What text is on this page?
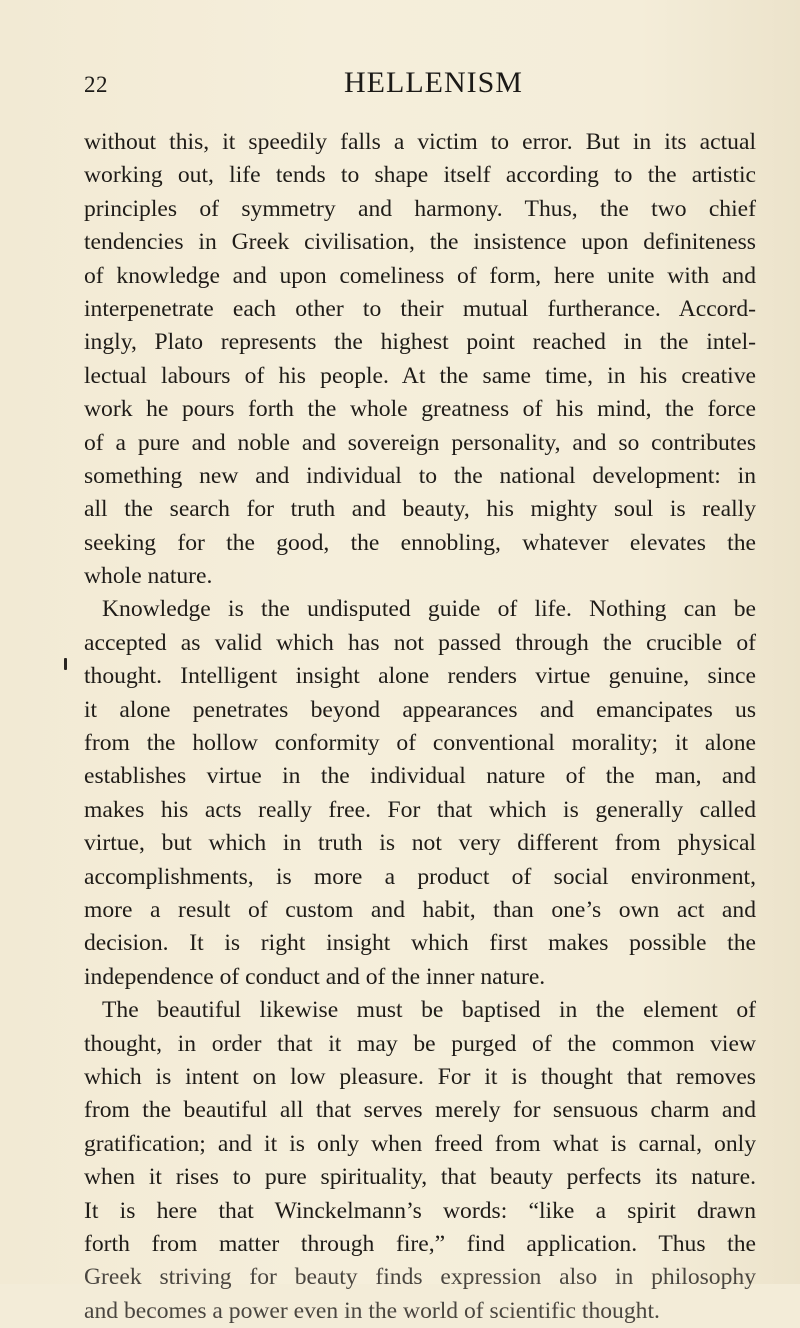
22	HELLENISM
without this, it speedily falls a victim to error. But in its actual
working out, life tends to shape itself according to the artistic
principles of symmetry and harmony. Thus, the two chief
tendencies in Greek civilisation, the insistence upon definiteness
of knowledge and upon comeliness of form, here unite with and
interpenetrate each other to their mutual furtherance. Accord-
ingly, Plato represents the highest point reached in the intel-
lectual labours of his people. At the same time, in his creative
work he pours forth the whole greatness of his mind, the force
of a pure and noble and sovereign personality, and so contributes
something new and individual to the national development: in
all the search for truth and beauty, his mighty soul is really
seeking for the good, the ennobling, whatever elevates the
whole nature.
Knowledge is the undisputed guide of life. Nothing can be
accepted as valid which has not passed through the crucible of
thought. Intelligent insight alone renders virtue genuine, since
it alone penetrates beyond appearances and emancipates us
from the hollow conformity of conventional morality; it alone
establishes virtue in the individual nature of the man, and
makes his acts really free. For that which is generally called
virtue, but which in truth is not very different from physical
accomplishments, is more a product of social environment,
more a result of custom and habit, than one’s own act and
decision. It is right insight which first makes possible the
independence of conduct and of the inner nature.
The beautiful likewise must be baptised in the element of
thought, in order that it may be purged of the common view
which is intent on low pleasure. For it is thought that removes
from the beautiful all that serves merely for sensuous charm and
gratification; and it is only when freed from what is carnal, only
when it rises to pure spirituality, that beauty perfects its nature.
It is here that Winckelmann’s words: “like a spirit drawn
forth from matter through fire,” find application. Thus the
Greek striving for beauty finds expression also in philosophy
and becomes a power even in the world of scientific thought.
